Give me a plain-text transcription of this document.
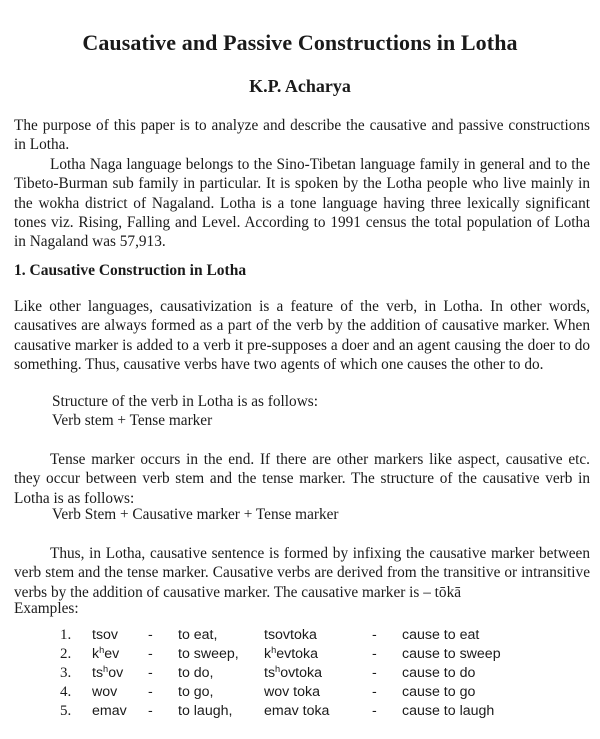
Causative and Passive Constructions in Lotha
K.P. Acharya
The purpose of this paper is to analyze and describe the causative and passive constructions in Lotha.
Lotha Naga language belongs to the Sino-Tibetan language family in general and to the Tibeto-Burman sub family in particular. It is spoken by the Lotha people who live mainly in the wokha district of Nagaland. Lotha is a tone language having three lexically significant tones viz. Rising, Falling and Level. According to 1991 census the total population of Lotha in Nagaland was 57,913.
1. Causative Construction in Lotha
Like other languages, causativization is a feature of the verb, in Lotha. In other words, causatives are always formed as a part of the verb by the addition of causative marker. When causative marker is added to a verb it pre-supposes a doer and an agent causing the doer to do something. Thus, causative verbs have two agents of which one causes the other to do.
Structure of the verb in Lotha is as follows:
Verb stem + Tense marker
Tense marker occurs in the end. If there are other markers like aspect, causative etc. they occur between verb stem and the tense marker. The structure of the causative verb in Lotha is as follows:
Verb Stem + Causative marker + Tense marker
Thus, in Lotha, causative sentence is formed by infixing the causative marker between verb stem and the tense marker. Causative verbs are derived from the transitive or intransitive verbs by the addition of causative marker. The causative marker is – tōkā
Examples:
1. tsov - to eat,	tsovtoka	- cause to eat
2. $k^hev$ - to sweep, $k^hevtoka$	- cause to sweep
3. $ts^hov$ - to do,	$ts^hovtoka$	- cause to do
4. wov - to go,	wov toka	- cause to go
5. emav - to laugh, emav toka	- cause to laugh
